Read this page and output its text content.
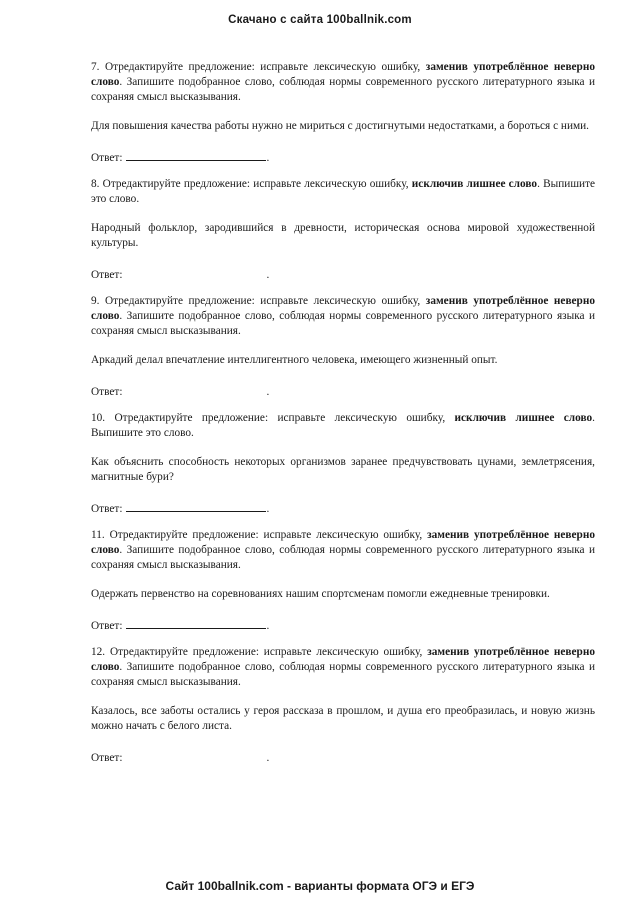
Скачано с сайта 100ballnik.com

7. Отредактируйте предложение: исправьте лексическую ошибку, заменив употреблённое неверно слово. Запишите подобранное слово, соблюдая нормы современного русского литературного языка и сохраняя смысл высказывания.

Для повышения качества работы нужно не мириться с достигнутыми недостатками, а бороться с ними.

Ответ:	.

8. Отредактируйте предложение: исправьте лексическую ошибку, исключив лишнее слово. Выпишите это слово.

Народный фольклор, зародившийся в древности, историческая основа мировой художественной культуры.

Ответ:	.

9. Отредактируйте предложение: исправьте лексическую ошибку, заменив употреблённое неверно слово. Запишите подобранное слово, соблюдая нормы современного русского литературного языка и сохраняя смысл высказывания.

Аркадий делал впечатление интеллигентного человека, имеющего жизненный опыт.

Ответ:	.

10. Отредактируйте предложение: исправьте лексическую ошибку, исключив лишнее слово. Выпишите это слово.

Как объяснить способность некоторых организмов заранее предчувствовать цунами, землетрясения, магнитные бури?

Ответ:	.

11. Отредактируйте предложение: исправьте лексическую ошибку, заменив употреблённое неверно слово. Запишите подобранное слово, соблюдая нормы современного русского литературного языка и сохраняя смысл высказывания.

Одержать первенство на соревнованиях нашим спортсменам помогли ежедневные тренировки.

Ответ:	.

12. Отредактируйте предложение: исправьте лексическую ошибку, заменив употреблённое неверно слово. Запишите подобранное слово, соблюдая нормы современного русского литературного языка и сохраняя смысл высказывания.

Казалось, все заботы остались у героя рассказа в прошлом, и душа его преобразилась, и новую жизнь можно начать с белого листа.

Ответ:	.

Сайт 100ballnik.com - варианты формата ОГЭ и ЕГЭ
